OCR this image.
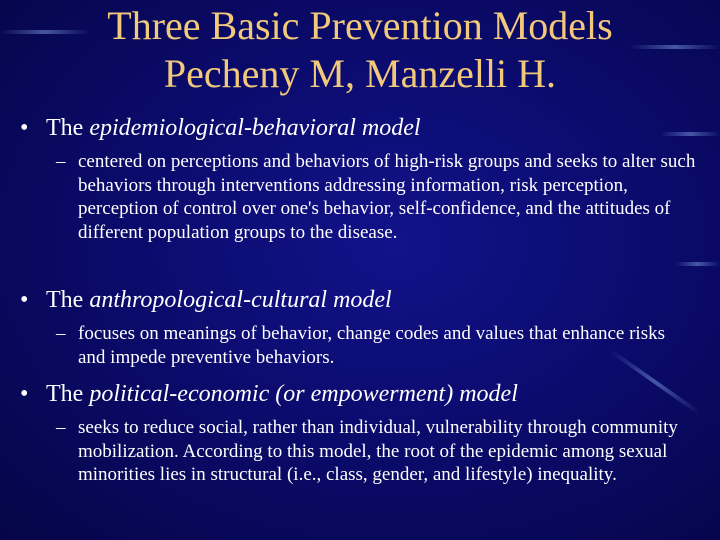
Three Basic Prevention Models
Pecheny M, Manzelli H.
• The epidemiological-behavioral model
– centered on perceptions and behaviors of high-risk groups and seeks to alter such behaviors through interventions addressing information, risk perception, perception of control over one's behavior, self-confidence, and the attitudes of different population groups to the disease.
• The anthropological-cultural model
– focuses on meanings of behavior, change codes and values that enhance risks and impede preventive behaviors.
• The political-economic (or empowerment) model
– seeks to reduce social, rather than individual, vulnerability through community mobilization. According to this model, the root of the epidemic among sexual minorities lies in structural (i.e., class, gender, and lifestyle) inequality.
